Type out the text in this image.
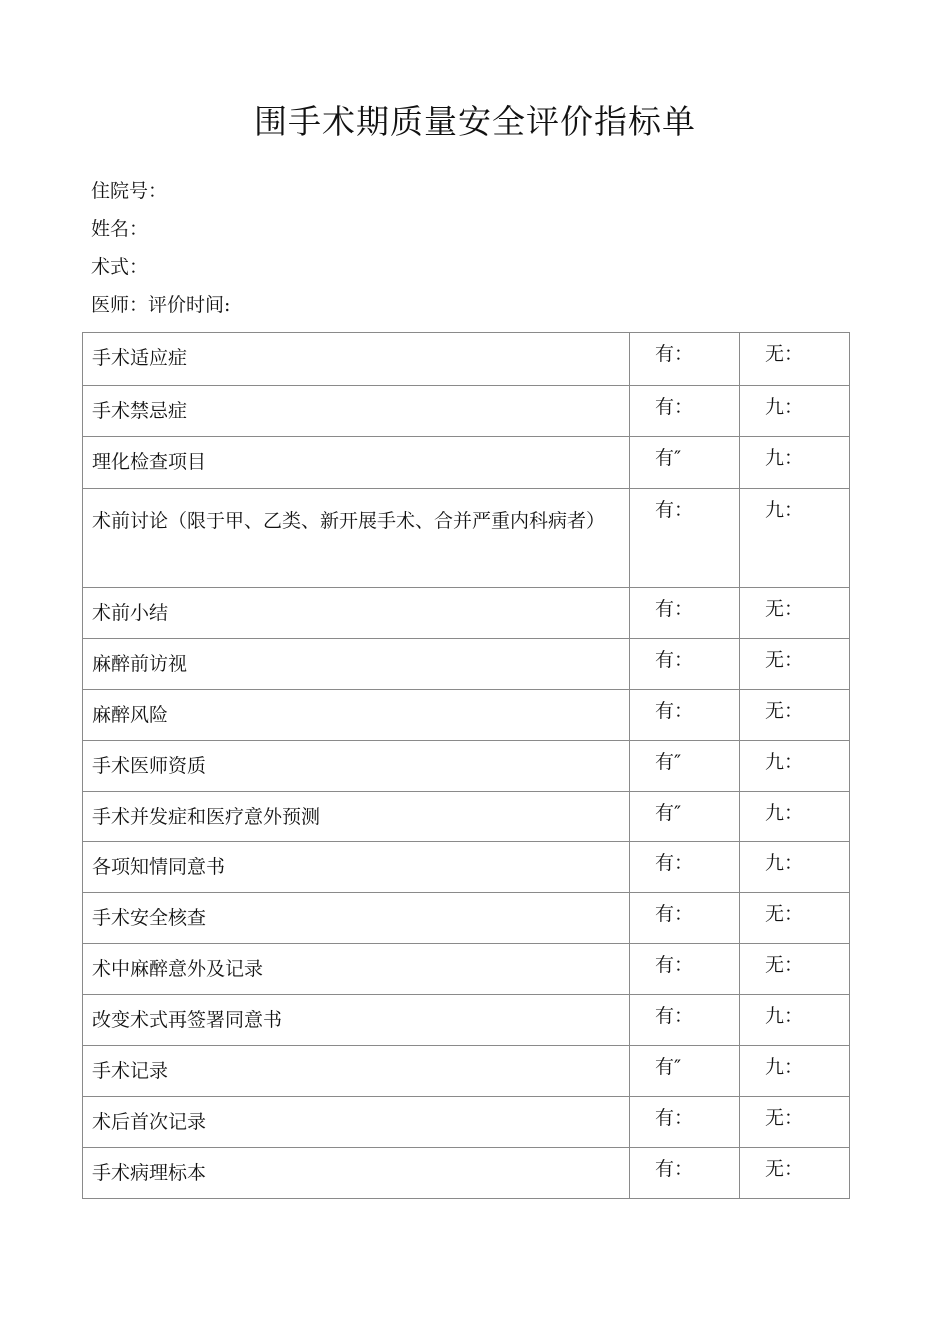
围手术期质量安全评价指标单
住院号：
姓名：
术式：
医师：评价时间:
手术适应症	有：	无：

手术禁忌症	有：	九：

理化检查项目	有″	九：

术前讨论（限于甲、乙类、新开展手术、合并严重内科病者）	有：	九：

术前小结	有：	无：

麻醉前访视	有：	无：

麻醉风险	有：	无：

手术医师资质	有″	九：

手术并发症和医疗意外预测	有″	九：

各项知情同意书	有：	九：

手术安全核查	有：	无：

术中麻醉意外及记录	有：	无：

改变术式再签署同意书	有：	九：

手术记录	有″	九：

术后首次记录	有：	无：

手术病理标本	有：	无：
